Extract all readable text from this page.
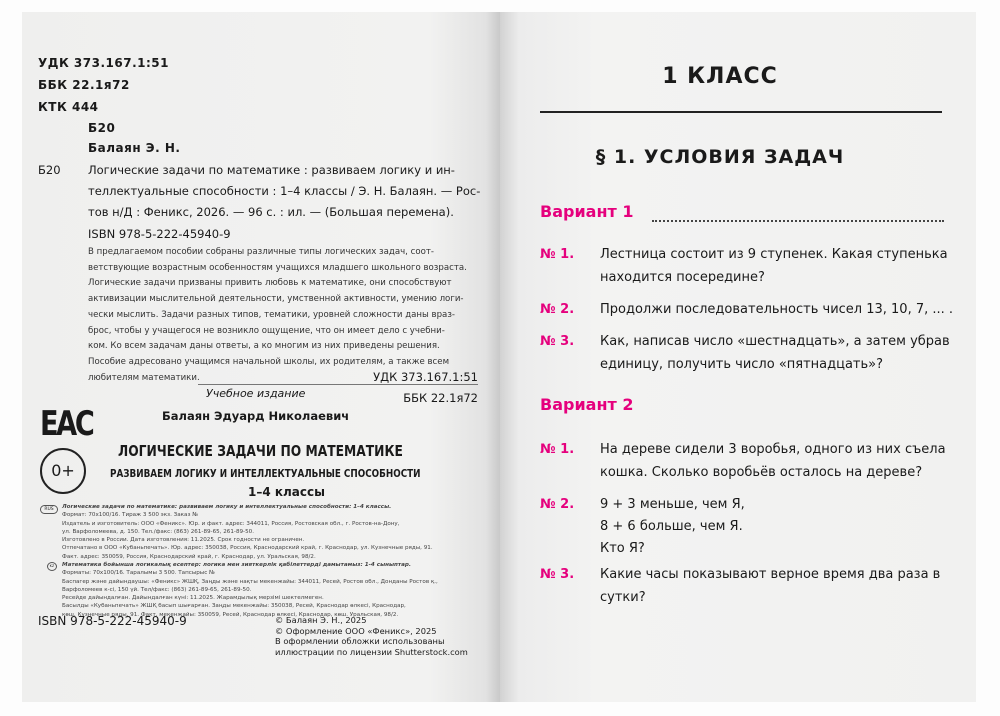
УДК 373.167.1:51
ББК 22.1я72
КТК 444
Б20
Балаян Э. Н.
Б20 Логические задачи по математике : развиваем логику и ин-
теллектуальные способности : 1–4 классы / Э. Н. Балаян. — Рос-
тов н/Д : Феникс, 2026. — 96 с. : ил. — (Большая перемена).
ISBN 978-5-222-45940-9
В предлагаемом пособии собраны различные типы логических задач, соот-
ветствующие возрастным особенностям учащихся младшего школьного возраста.
Логические задачи призваны привить любовь к математике, они способствуют
активизации мыслительной деятельности, умственной активности, умению логи-
чески мыслить. Задачи разных типов, тематики, уровней сложности даны враз-
брос, чтобы у учащегося не возникло ощущение, что он имеет дело с учебни-
ком. Ко всем задачам даны ответы, а ко многим из них приведены решения.
Пособие адресовано учащимся начальной школы, их родителям, а также всем
любителям математики.	УДК 373.167.1:51
ББК 22.1я72
Учебное издание
ЕАС
0+
Балаян Эдуард Николаевич
ЛОГИЧЕСКИЕ ЗАДАЧИ ПО МАТЕМАТИКЕ
РАЗВИВАЕМ ЛОГИКУ И ИНТЕЛЛЕКТУАЛЬНЫЕ СПОСОБНОСТИ
1–4 классы
RUS	Логические задачи по математике: развиваем логику и интеллектуальные способности: 1–4 классы.
Формат: 70х100/16. Тираж 3 500 экз. Заказ №
Издатель и изготовитель: ООО «Феникс». Юр. и факт. адрес: 344011, Россия, Ростовская обл., г. Ростов-на-Дону,
ул. Варфоломеева, д. 150. Тел./факс: (863) 261-89-65, 261-89-50.
Изготовлено в России. Дата изготовления: 11.2025. Срок годности не ограничен.
Отпечатано в ООО «Кубаньпечать». Юр. адрес: 350038, Россия, Краснодарский край, г. Краснодар, ул. Кузнечные ряды, 91.
Факт. адрес: 350059, Россия, Краснодарский край, г. Краснодар, ул. Уральская, 98/2.
KZ	Математика бойынша логикалық есептер: логика мен зияткерлік қабілеттерді дамытамыз: 1-4 сыныптар.
Форматы: 70х100/16. Таралымы 3 500. Тапсырыс №
Баспагер және дайындаушы: «Феникс» ЖШҚ, Заңды және нақты мекенжайы: 344011, Ресей, Ростов обл., Донданы Ростов қ.,
Варфоломеев к-сі, 150 үй. Тел/факс: (863) 261-89-65, 261-89-50.
Ресейде дайындалған. Дайындалған күні: 11.2025. Жарамдылық мерзімі шектелмеген.
Басылды «Кубаньпечать» ЖШҚ басып шығарған. Заңды мекенжайы: 350038, Ресей, Краснодар өлкесі, Краснодар,
көш. Кузнечные ряды, 91. Факт. мекенжайы: 350059, Ресей, Краснодар өлкесі, Краснодар, көш. Уральская, 98/2.
ISBN 978-5-222-45940-9	© Балаян Э. Н., 2025
© Оформление ООО «Феникс», 2025
В оформлении обложки использованы
иллюстрации по лицензии Shutterstock.com
1 КЛАСС
§ 1. УСЛОВИЯ ЗАДАЧ
Вариант 1
№ 1. Лестница состоит из 9 ступенек. Какая ступенька
находится посередине?
№ 2. Продолжи последовательность чисел 13, 10, 7, ... .
№ 3. Как, написав число «шестнадцать», а затем убрав
единицу, получить число «пятнадцать»?
Вариант 2
№ 1. На дереве сидели 3 воробья, одного из них съела
кошка. Сколько воробьёв осталось на дереве?
№ 2. 9 + 3 меньше, чем Я,
8 + 6 больше, чем Я.
Кто Я?
№ 3. Какие часы показывают верное время два раза в
сутки?
